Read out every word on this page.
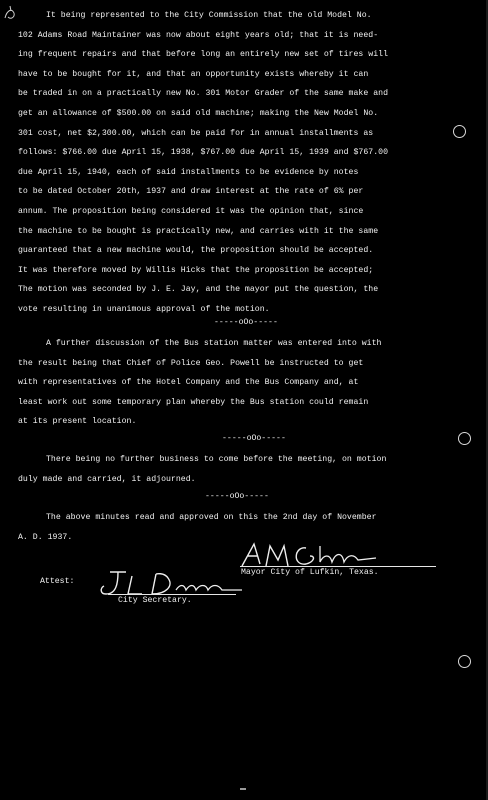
It being represented to the City Commission that the old Model No.
102 Adams Road Maintainer was now about eight years old; that it is need-
ing frequent repairs and that before long an entirely new set of tires will
have to be bought for it, and that an opportunity exists whereby it can
be traded in on a practically new No. 301 Motor Grader of the same make and
get an allowance of $500.00 on said old machine; making the New Model No.
301 cost, net $2,300.00, which can be paid for in annual installments as
follows: $766.00 due April 15, 1938, $767.00 due April 15, 1939 and $767.00
due April 15, 1940, each of said installments to be evidence by notes
to be dated October 20th, 1937 and draw interest at the rate of 6% per
annum. The proposition being considered it was the opinion that, since
the machine to be bought is practically new, and carries with it the same
guaranteed that a new machine would, the proposition should be accepted.
It was therefore moved by Willis Hicks that the proposition be accepted;
The motion was seconded by J. E. Jay, and the mayor put the question, the
vote resulting in unanimous approval of the motion.
-----oOo-----
A further discussion of the Bus station matter was entered into with
the result being that Chief of Police Geo. Powell be instructed to get
with representatives of the Hotel Company and the Bus Company and, at
least work out some temporary plan whereby the Bus station could remain
at its present location.
-----oOo-----
There being no further business to come before the meeting, on motion
duly made and carried, it adjourned.
-----oOo-----
The above minutes read and approved on this the 2nd day of November
A. D. 1937.
Mayor City of Lufkin, Texas.
Attest:
City Secretary.
